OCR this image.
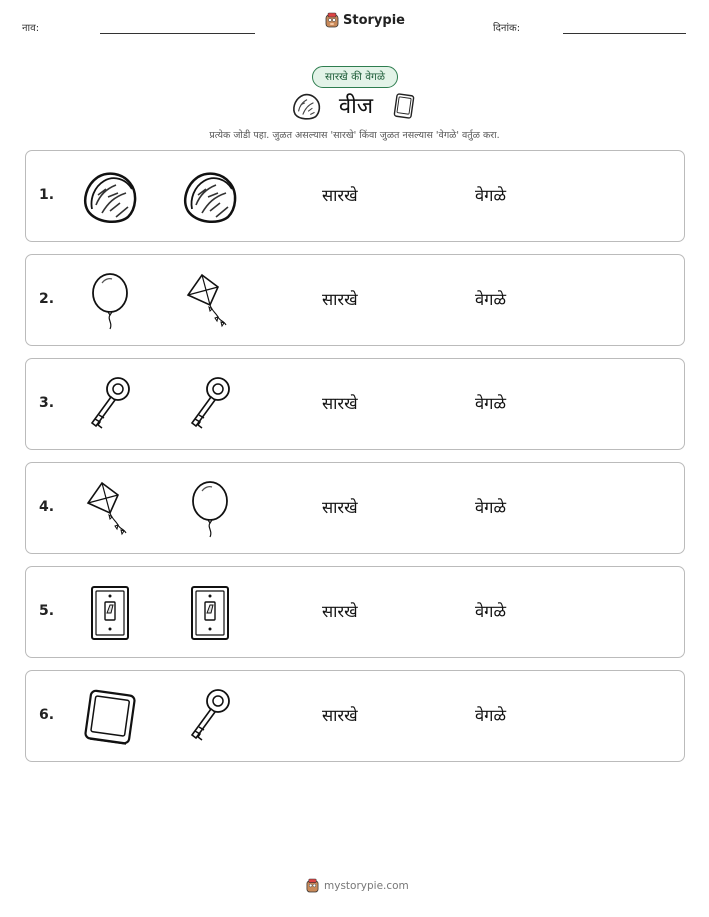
नाव:
Storypie
दिनांक:
सारखे की वेगळे
वीज
प्रत्येक जोडी पहा. जुळत असल्यास 'सारखे' किंवा जुळत नसल्यास 'वेगळे' वर्तुळ करा.
1.	सारखे	वेगळे
2.	सारखे	वेगळे
3.	सारखे	वेगळे
4.	सारखे	वेगळे
5.	सारखे	वेगळे
6.	सारखे	वेगळे
mystorypie.com
